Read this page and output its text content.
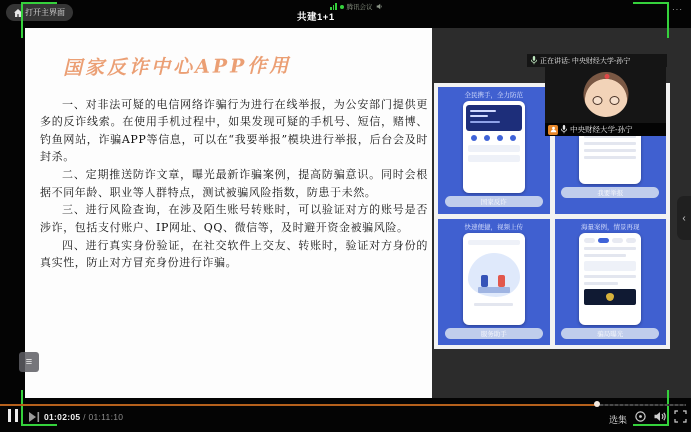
打开主界面	共建1+1
腾讯会议	···
国家反诈中心APP作用

一、对非法可疑的电信网络诈骗行为进行在线举报，为公安部门提供更多的反诈线索。在使用手机过程中，如果发现可疑的手机号、短信，赌博、钓鱼网站，诈骗APP等信息，可以在“我要举报”模块进行举报，后台会及时封杀。

二、定期推送防诈文章，曝光最新诈骗案例，提高防骗意识。同时会根据不同年龄、职业等人群特点，测试被骗风险指数，防患于未然。

三、进行风险查询，在涉及陌生账号转账时，可以验证对方的账号是否涉诈，包括支付账户、IP网址、QQ、微信等，及时避开资金被骗风险。

四、进行真实身份验证，在社交软件上交友、转账时，验证对方身份的真实性，防止对方冒充身份进行诈骗。

全民携手，全力防范
国家反诈
我要举报
快速便捷，视频上传
服务助手
海量案例，情景再现
骗局曝光
正在讲话: 中央财经大学-孙宁
中央财经大学-孙宁
‹
≡
01:02:05 / 01:11:10	选集
